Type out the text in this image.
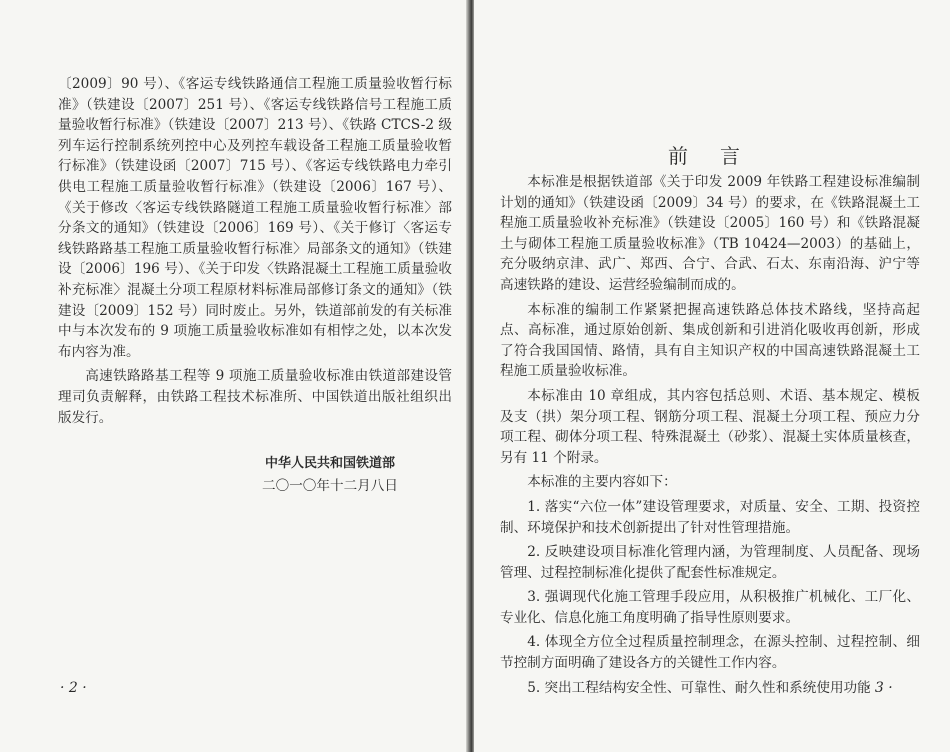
〔2009〕90 号）、《客运专线铁路通信工程施工质量验收暂行标准》（铁建设〔2007〕251 号）、《客运专线铁路信号工程施工质量验收暂行标准》（铁建设〔2007〕213 号）、《铁路 CTCS-2 级列车运行控制系统列控中心及列控车载设备工程施工质量验收暂行标准》（铁建设函〔2007〕715 号）、《客运专线铁路电力牵引供电工程施工质量验收暂行标准》（铁建设〔2006〕167 号）、《关于修改〈客运专线铁路隧道工程施工质量验收暂行标准〉部分条文的通知》（铁建设〔2006〕169 号）、《关于修订〈客运专线铁路路基工程施工质量验收暂行标准〉局部条文的通知》（铁建设〔2006〕196 号）、《关于印发〈铁路混凝土工程施工质量验收补充标准〉混凝土分项工程原材料标准局部修订条文的通知》（铁建设〔2009〕152 号）同时废止。另外，铁道部前发的有关标准中与本次发布的 9 项施工质量验收标准如有相悖之处，以本次发布内容为准。

高速铁路路基工程等 9 项施工质量验收标准由铁道部建设管理司负责解释，由铁路工程技术标准所、中国铁道出版社组织出版发行。

中华人民共和国铁道部
二〇一〇年十二月八日
· 2 ·
前言

本标准是根据铁道部《关于印发 2009 年铁路工程建设标准编制计划的通知》（铁建设函〔2009〕34 号）的要求，在《铁路混凝土工程施工质量验收补充标准》（铁建设〔2005〕160 号）和《铁路混凝土与砌体工程施工质量验收标准》（TB 10424—2003）的基础上，充分吸纳京津、武广、郑西、合宁、合武、石太、东南沿海、沪宁等高速铁路的建设、运营经验编制而成的。

本标准的编制工作紧紧把握高速铁路总体技术路线，坚持高起点、高标准，通过原始创新、集成创新和引进消化吸收再创新，形成了符合我国国情、路情，具有自主知识产权的中国高速铁路混凝土工程施工质量验收标准。

本标准由 10 章组成，其内容包括总则、术语、基本规定、模板及支（拱）架分项工程、钢筋分项工程、混凝土分项工程、预应力分项工程、砌体分项工程、特殊混凝土（砂浆）、混凝土实体质量核查，另有 11 个附录。

本标准的主要内容如下：

1. 落实“六位一体”建设管理要求，对质量、安全、工期、投资控制、环境保护和技术创新提出了针对性管理措施。

2. 反映建设项目标准化管理内涵，为管理制度、人员配备、现场管理、过程控制标准化提供了配套性标准规定。

3. 强调现代化施工管理手段应用，从积极推广机械化、工厂化、专业化、信息化施工角度明确了指导性原则要求。

4. 体现全方位全过程质量控制理念，在源头控制、过程控制、细节控制方面明确了建设各方的关键性工作内容。

5. 突出工程结构安全性、可靠性、耐久性和系统使用功能

· 3 ·
